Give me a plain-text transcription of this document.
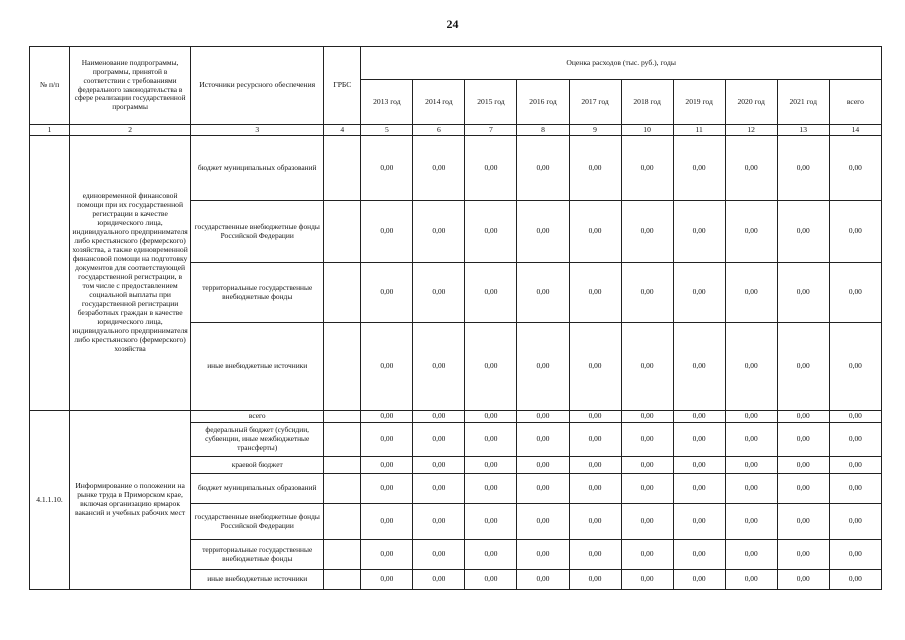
24
№ п/п	Наименование подпрограммы, программы, принятой в соответствии с требованиями федерального законодательства в сфере реализации государственной программы	Источники ресурсного обеспечения	ГРБС	Оценка расходов (тыс. руб.), годы									
				2013 год	2014 год	2015 год	2016 год	2017 год	2018 год	2019 год	2020 год	2021 год	всего
1	2	3	4	5	6	7	8	9	10	11	12	13	14
	единовременной финансовой помощи при их государственной регистрации в качестве юридического лица, индивидуального предпринимателя либо крестьянского (фермерского) хозяйства, а также единовременной финансовой помощи на подготовку документов для соответствующей государственной регистрации, в том числе с предоставлением социальной выплаты при государственной регистрации безработных граждан в качестве юридического лица, индивидуального предпринимателя либо крестьянского (фермерского) хозяйства	бюджет муниципальных образований		0,00	0,00	0,00	0,00	0,00	0,00	0,00	0,00	0,00	0,00
		государственные внебюджетные фонды Российской Федерации		0,00	0,00	0,00	0,00	0,00	0,00	0,00	0,00	0,00	0,00
		территориальные государственные внебюджетные фонды		0,00	0,00	0,00	0,00	0,00	0,00	0,00	0,00	0,00	0,00
		иные внебюджетные источники		0,00	0,00	0,00	0,00	0,00	0,00	0,00	0,00	0,00	0,00
4.1.1.10.	Информирование о положении на рынке труда в Приморском крае, включая организацию ярмарок вакансий и учебных рабочих мест	всего		0,00	0,00	0,00	0,00	0,00	0,00	0,00	0,00	0,00	0,00
		федеральный бюджет (субсидии, субвенции, иные межбюджетные трансферты)		0,00	0,00	0,00	0,00	0,00	0,00	0,00	0,00	0,00	0,00
		краевой бюджет		0,00	0,00	0,00	0,00	0,00	0,00	0,00	0,00	0,00	0,00
		бюджет муниципальных образований		0,00	0,00	0,00	0,00	0,00	0,00	0,00	0,00	0,00	0,00
		государственные внебюджетные фонды Российской Федерации		0,00	0,00	0,00	0,00	0,00	0,00	0,00	0,00	0,00	0,00
		территориальные государственные внебюджетные фонды		0,00	0,00	0,00	0,00	0,00	0,00	0,00	0,00	0,00	0,00
		иные внебюджетные источники		0,00	0,00	0,00	0,00	0,00	0,00	0,00	0,00	0,00	0,00
